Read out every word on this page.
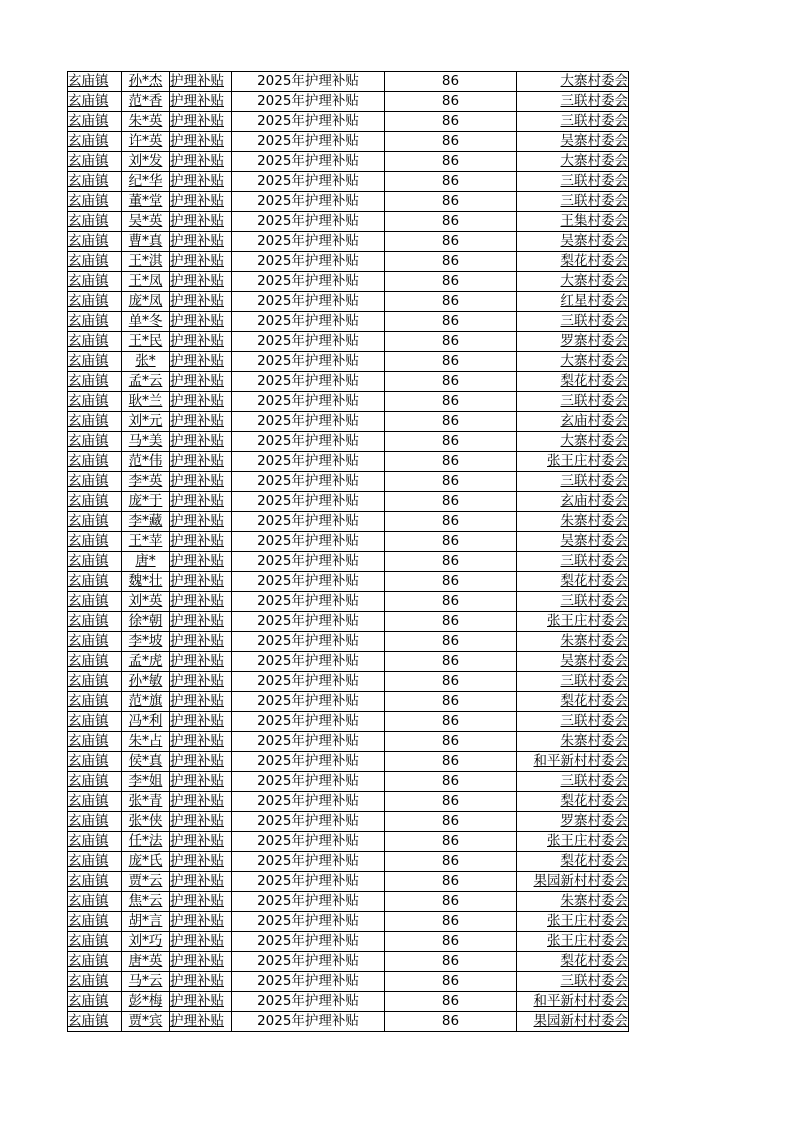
玄庙镇	孙*杰	护理补贴	2025年护理补贴	86	大寨村委会
玄庙镇	范*香	护理补贴	2025年护理补贴	86	三联村委会
玄庙镇	朱*英	护理补贴	2025年护理补贴	86	三联村委会
玄庙镇	许*英	护理补贴	2025年护理补贴	86	吴寨村委会
玄庙镇	刘*发	护理补贴	2025年护理补贴	86	大寨村委会
玄庙镇	纪*华	护理补贴	2025年护理补贴	86	三联村委会
玄庙镇	董*堂	护理补贴	2025年护理补贴	86	三联村委会
玄庙镇	吴*英	护理补贴	2025年护理补贴	86	王集村委会
玄庙镇	曹*真	护理补贴	2025年护理补贴	86	吴寨村委会
玄庙镇	王*淇	护理补贴	2025年护理补贴	86	梨花村委会
玄庙镇	王*凤	护理补贴	2025年护理补贴	86	大寨村委会
玄庙镇	庞*凤	护理补贴	2025年护理补贴	86	红星村委会
玄庙镇	单*冬	护理补贴	2025年护理补贴	86	三联村委会
玄庙镇	王*民	护理补贴	2025年护理补贴	86	罗寨村委会
玄庙镇	张*	护理补贴	2025年护理补贴	86	大寨村委会
玄庙镇	孟*云	护理补贴	2025年护理补贴	86	梨花村委会
玄庙镇	耿*兰	护理补贴	2025年护理补贴	86	三联村委会
玄庙镇	刘*元	护理补贴	2025年护理补贴	86	玄庙村委会
玄庙镇	马*美	护理补贴	2025年护理补贴	86	大寨村委会
玄庙镇	范*伟	护理补贴	2025年护理补贴	86	张王庄村委会
玄庙镇	李*英	护理补贴	2025年护理补贴	86	三联村委会
玄庙镇	庞*于	护理补贴	2025年护理补贴	86	玄庙村委会
玄庙镇	李*藏	护理补贴	2025年护理补贴	86	朱寨村委会
玄庙镇	王*苹	护理补贴	2025年护理补贴	86	吴寨村委会
玄庙镇	唐*	护理补贴	2025年护理补贴	86	三联村委会
玄庙镇	魏*壮	护理补贴	2025年护理补贴	86	梨花村委会
玄庙镇	刘*英	护理补贴	2025年护理补贴	86	三联村委会
玄庙镇	徐*朝	护理补贴	2025年护理补贴	86	张王庄村委会
玄庙镇	李*坡	护理补贴	2025年护理补贴	86	朱寨村委会
玄庙镇	孟*虎	护理补贴	2025年护理补贴	86	吴寨村委会
玄庙镇	孙*敏	护理补贴	2025年护理补贴	86	三联村委会
玄庙镇	范*旗	护理补贴	2025年护理补贴	86	梨花村委会
玄庙镇	冯*利	护理补贴	2025年护理补贴	86	三联村委会
玄庙镇	朱*占	护理补贴	2025年护理补贴	86	朱寨村委会
玄庙镇	侯*真	护理补贴	2025年护理补贴	86	和平新村村委会
玄庙镇	李*姐	护理补贴	2025年护理补贴	86	三联村委会
玄庙镇	张*青	护理补贴	2025年护理补贴	86	梨花村委会
玄庙镇	张*侠	护理补贴	2025年护理补贴	86	罗寨村委会
玄庙镇	任*法	护理补贴	2025年护理补贴	86	张王庄村委会
玄庙镇	庞*氏	护理补贴	2025年护理补贴	86	梨花村委会
玄庙镇	贾*云	护理补贴	2025年护理补贴	86	果园新村村委会
玄庙镇	焦*云	护理补贴	2025年护理补贴	86	朱寨村委会
玄庙镇	胡*言	护理补贴	2025年护理补贴	86	张王庄村委会
玄庙镇	刘*巧	护理补贴	2025年护理补贴	86	张王庄村委会
玄庙镇	唐*英	护理补贴	2025年护理补贴	86	梨花村委会
玄庙镇	马*云	护理补贴	2025年护理补贴	86	三联村委会
玄庙镇	彭*梅	护理补贴	2025年护理补贴	86	和平新村村委会
玄庙镇	贾*宾	护理补贴	2025年护理补贴	86	果园新村村委会
